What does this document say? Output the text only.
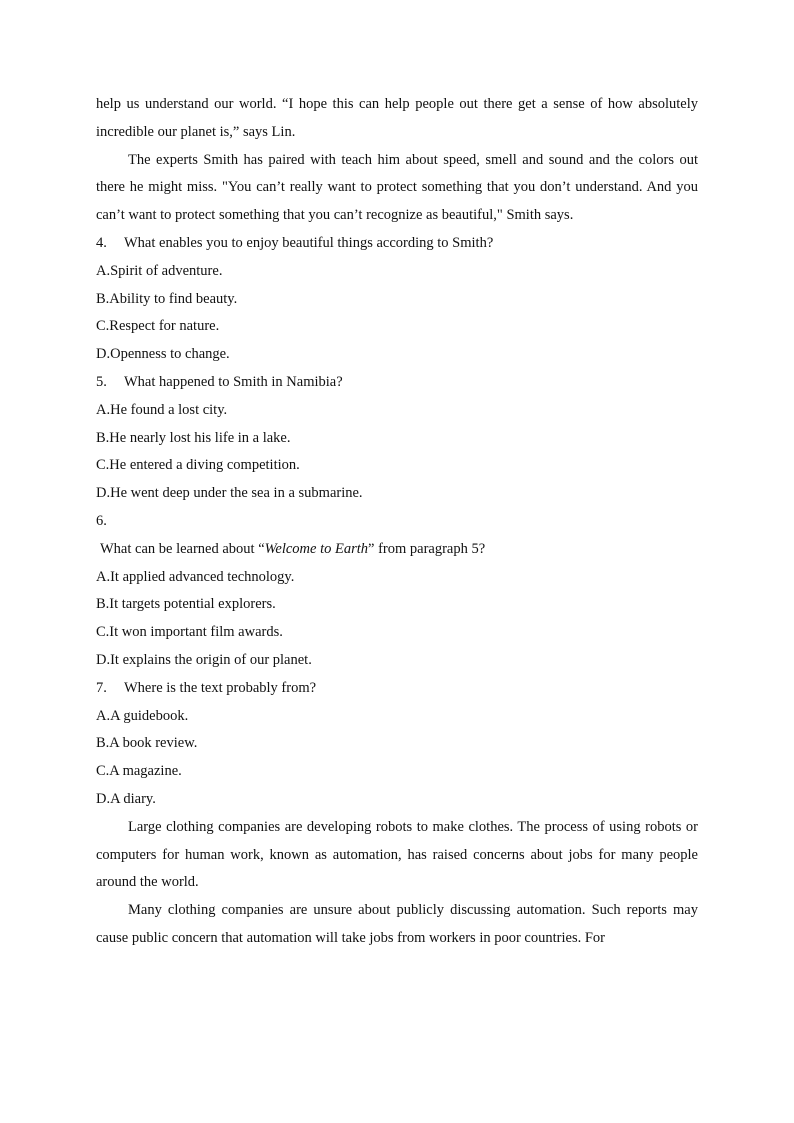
help us understand our world. “I hope this can help people out there get a sense of how absolutely incredible our planet is,” says Lin.

The experts Smith has paired with teach him about speed, smell and sound and the colors out there he might miss. "You can’t really want to protect something that you don’t understand. And you can’t want to protect something that you can’t recognize as beautiful," Smith says.

4. What enables you to enjoy beautiful things according to Smith?

A.Spirit of adventure.

B.Ability to find beauty.

C.Respect for nature.

D.Openness to change.

5. What happened to Smith in Namibia?

A.He found a lost city.

B.He nearly lost his life in a lake.

C.He entered a diving competition.

D.He went deep under the sea in a submarine.

6.

What can be learned about “Welcome to Earth” from paragraph 5?

A.It applied advanced technology.

B.It targets potential explorers.

C.It won important film awards.

D.It explains the origin of our planet.

7. Where is the text probably from?

A.A guidebook.

B.A book review.

C.A magazine.

D.A diary.

Large clothing companies are developing robots to make clothes. The process of using robots or computers for human work, known as automation, has raised concerns about jobs for many people around the world.

Many clothing companies are unsure about publicly discussing automation. Such reports may cause public concern that automation will take jobs from workers in poor countries. For
